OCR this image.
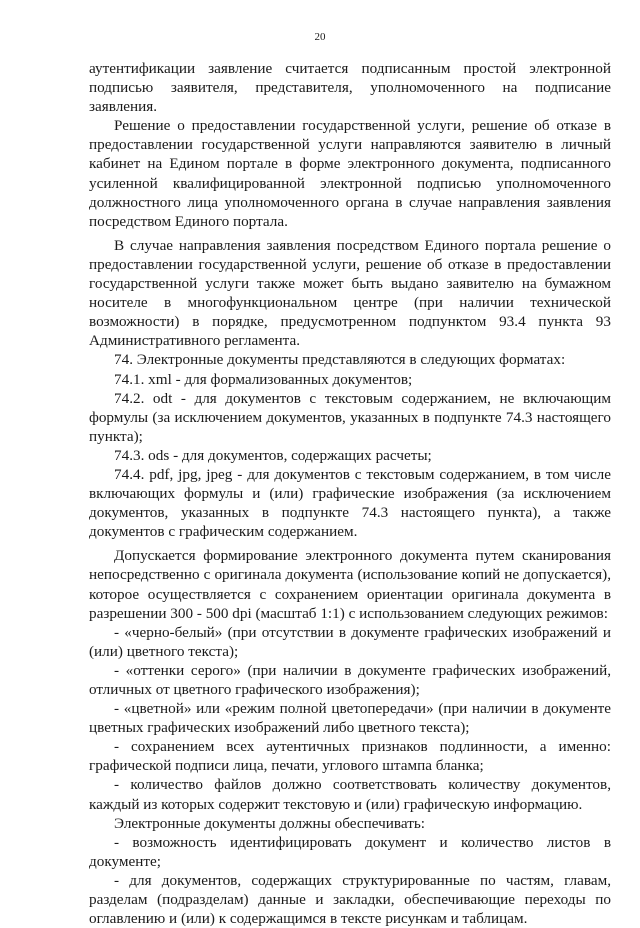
20

аутентификации заявление считается подписанным простой электронной подписью заявителя, представителя, уполномоченного на подписание заявления.

Решение о предоставлении государственной услуги, решение об отказе в предоставлении государственной услуги направляются заявителю в личный кабинет на Едином портале в форме электронного документа, подписанного усиленной квалифицированной электронной подписью уполномоченного должностного лица уполномоченного органа в случае направления заявления посредством Единого портала.

В случае направления заявления посредством Единого портала решение о предоставлении государственной услуги, решение об отказе в предоставлении государственной услуги также может быть выдано заявителю на бумажном носителе в многофункциональном центре (при наличии технической возможности) в порядке, предусмотренном подпунктом 93.4 пункта 93 Административного регламента.

74. Электронные документы представляются в следующих форматах:

74.1. xml - для формализованных документов;

74.2. odt - для документов с текстовым содержанием, не включающим формулы (за исключением документов, указанных в подпункте 74.3 настоящего пункта);

74.3. ods - для документов, содержащих расчеты;

74.4. pdf, jpg, jpeg - для документов с текстовым содержанием, в том числе включающих формулы и (или) графические изображения (за исключением документов, указанных в подпункте 74.3 настоящего пункта), а также документов с графическим содержанием.

Допускается формирование электронного документа путем сканирования непосредственно с оригинала документа (использование копий не допускается), которое осуществляется с сохранением ориентации оригинала документа в разрешении 300 - 500 dpi (масштаб 1:1) с использованием следующих режимов:

- «черно-белый» (при отсутствии в документе графических изображений и (или) цветного текста);

- «оттенки серого» (при наличии в документе графических изображений, отличных от цветного графического изображения);

- «цветной» или «режим полной цветопередачи» (при наличии в документе цветных графических изображений либо цветного текста);

- сохранением всех аутентичных признаков подлинности, а именно: графической подписи лица, печати, углового штампа бланка;

- количество файлов должно соответствовать количеству документов, каждый из которых содержит текстовую и (или) графическую информацию.

Электронные документы должны обеспечивать:

- возможность идентифицировать документ и количество листов в документе;

- для документов, содержащих структурированные по частям, главам, разделам (подразделам) данные и закладки, обеспечивающие переходы по оглавлению и (или) к содержащимся в тексте рисункам и таблицам.
